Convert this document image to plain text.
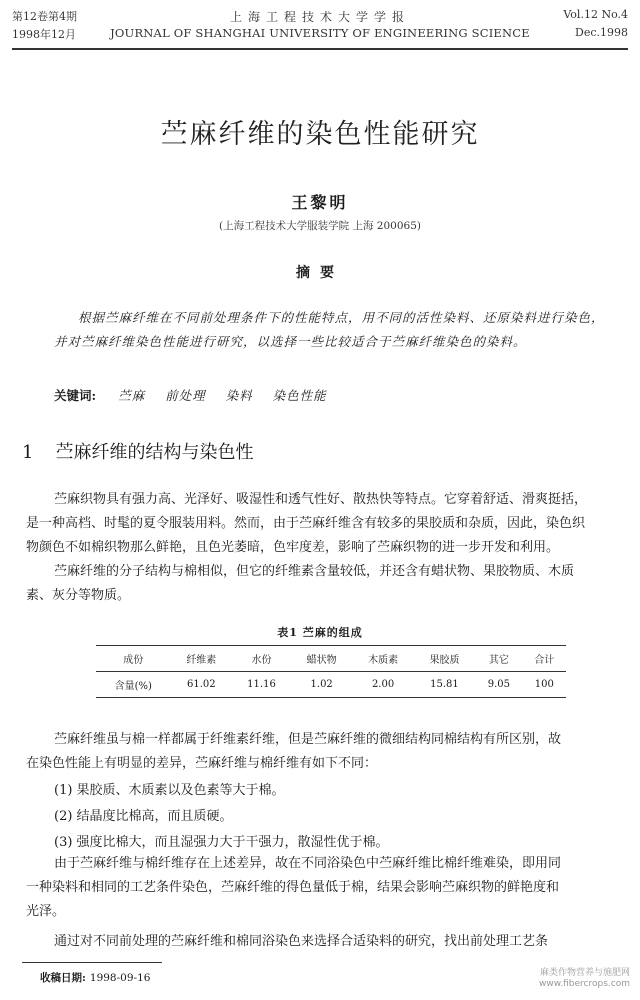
第12卷第4期	上海工程技术大学学报	Vol.12 No.4
1998年12月	JOURNAL OF SHANGHAI UNIVERSITY OF ENGINEERING SCIENCE	Dec.1998
苎麻纤维的染色性能研究
王黎明
(上海工程技术大学服装学院 上海 200065)
摘要
根据苎麻纤维在不同前处理条件下的性能特点，用不同的活性染料、还原染料进行染色，并对苎麻纤维染色性能进行研究，以选择一些比较适合于苎麻纤维染色的染料。
关键词: 苎麻 前处理 染料 染色性能
1 苎麻纤维的结构与染色性
苎麻织物具有强力高、光泽好、吸湿性和透气性好、散热快等特点。它穿着舒适、滑爽挺括，
是一种高档、时髦的夏令服装用料。然而，由于苎麻纤维含有较多的果胶质和杂质，因此，染色织
物颜色不如棉织物那么鲜艳，且色光萎暗，色牢度差，影响了苎麻织物的进一步开发和利用。
苎麻纤维的分子结构与棉相似，但它的纤维素含量较低，并还含有蜡状物、果胶物质、木质
素、灰分等物质。
表1 苎麻的组成
成份	纤维素	水份	蜡状物	木质素	果胶质	其它	合计
含量(%)	61.02	11.16	1.02	2.00	15.81	9.05	100
苎麻纤维虽与棉一样都属于纤维素纤维，但是苎麻纤维的微细结构同棉结构有所区别，故
在染色性能上有明显的差异，苎麻纤维与棉纤维有如下不同：
(1) 果胶质、木质素以及色素等大于棉。
(2) 结晶度比棉高，而且质硬。
(3) 强度比棉大，而且湿强力大于干强力，散湿性优于棉。
由于苎麻纤维与棉纤维存在上述差异，故在不同浴染色中苎麻纤维比棉纤维难染，即用同
一种染料和相同的工艺条件染色，苎麻纤维的得色量低于棉，结果会影响苎麻织物的鲜艳度和
光泽。
通过对不同前处理的苎麻纤维和棉同浴染色来选择合适染料的研究，找出前处理工艺条
收稿日期: 1998-09-16	麻类作物营养与施肥网
www.fibercrops.com
